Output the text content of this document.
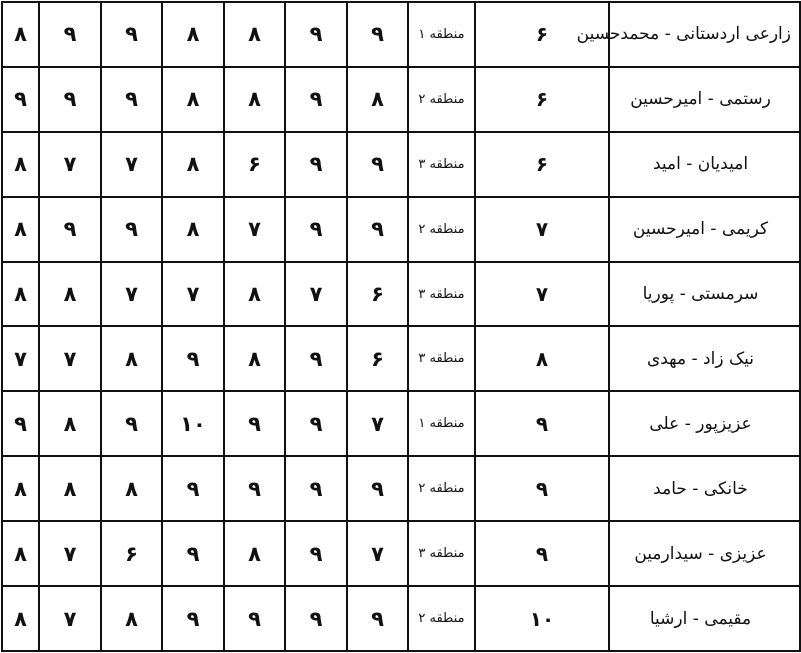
زارعی اردستانی - محمدحسین	۶	منطقه ۱	۹	۹	۸	۸	۹	۹	۸
رستمی - امیرحسین	۶	منطقه ۲	۸	۹	۸	۸	۹	۹	۹
امیدیان - امید	۶	منطقه ۳	۹	۹	۶	۸	۷	۷	۸
کریمی - امیرحسین	۷	منطقه ۲	۹	۹	۷	۸	۹	۹	۸
سرمستی - پوریا	۷	منطقه ۳	۶	۷	۸	۷	۷	۸	۸
نیک زاد - مهدی	۸	منطقه ۳	۶	۹	۸	۹	۸	۷	۷
عزیزپور - علی	۹	منطقه ۱	۷	۹	۹	۱۰	۹	۸	۹
خانکی - حامد	۹	منطقه ۲	۹	۹	۹	۹	۸	۸	۸
عزیزی - سیدارمین	۹	منطقه ۳	۷	۹	۸	۹	۶	۷	۸
مقیمی - ارشیا	۱۰	منطقه ۲	۹	۹	۹	۹	۸	۷	۸
